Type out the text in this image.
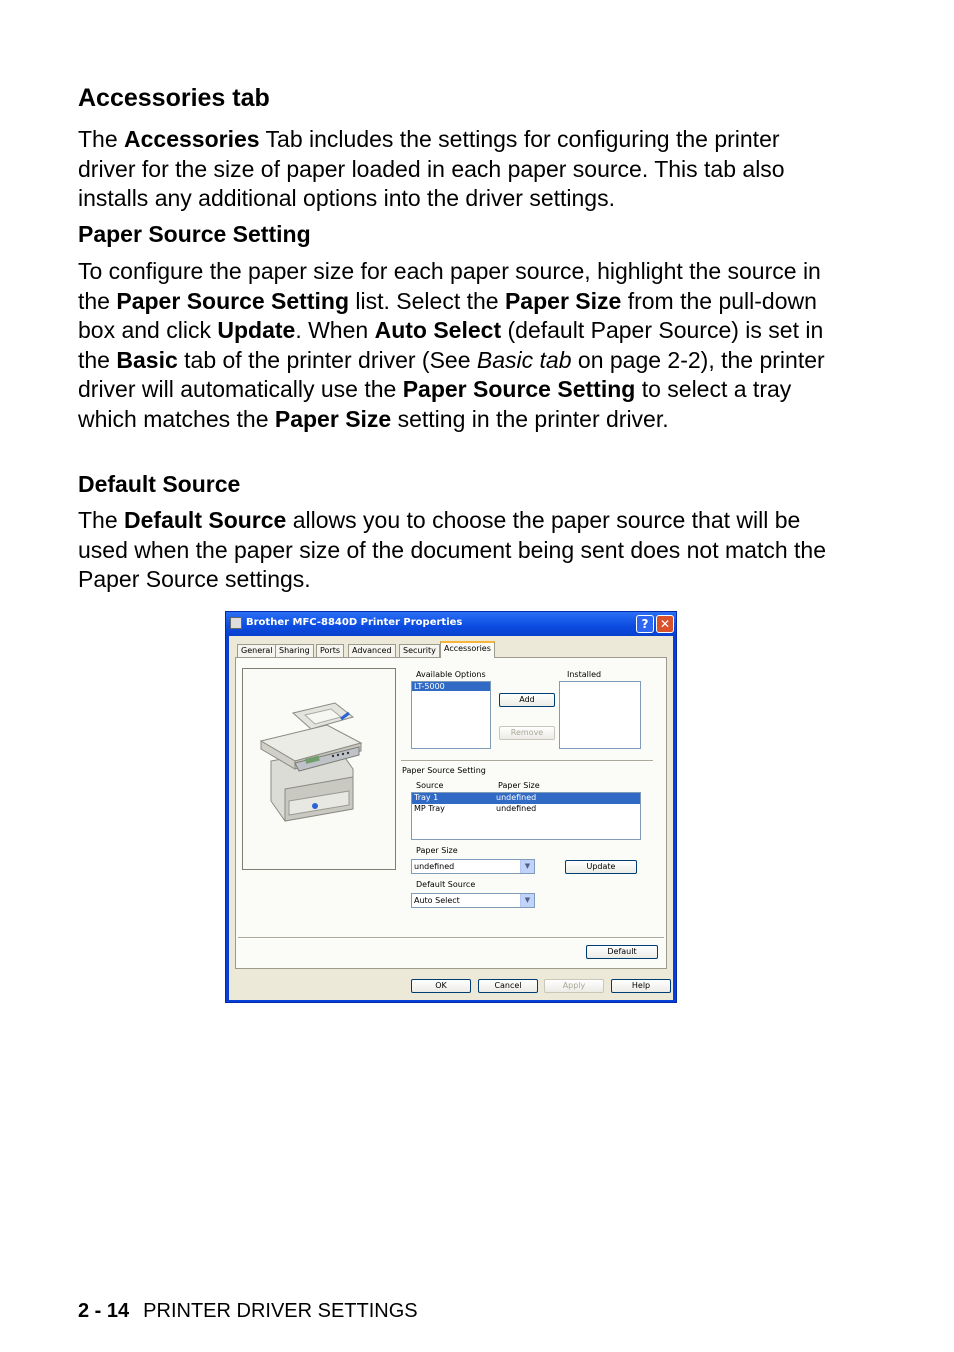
Accessories tab

The Accessories Tab includes the settings for configuring the printer driver for the size of paper loaded in each paper source. This tab also installs any additional options into the driver settings.

Paper Source Setting

To configure the paper size for each paper source, highlight the source in the Paper Source Setting list. Select the Paper Size from the pull-down box and click Update. When Auto Select (default Paper Source) is set in the Basic tab of the printer driver (See Basic tab on page 2-2), the printer driver will automatically use the Paper Source Setting to select a tray which matches the Paper Size setting in the printer driver.

Default Source

The Default Source allows you to choose the paper source that will be used when the paper size of the document being sent does not match the Paper Source settings.

Brother MFC-8840D Printer Properties	? ✕
General Sharing	Ports	Advanced	Security	Accessories
Available Options
LT-5000
Add
Remove
Installed
Paper Source Setting
Source	Paper Size
Tray 1	undefined
MP Tray	undefined
Paper Size
undefined	▼	Update
Default Source
Auto Select	▼
Default
OK	Cancel	Apply	Help
2 - 14 PRINTER DRIVER SETTINGS
